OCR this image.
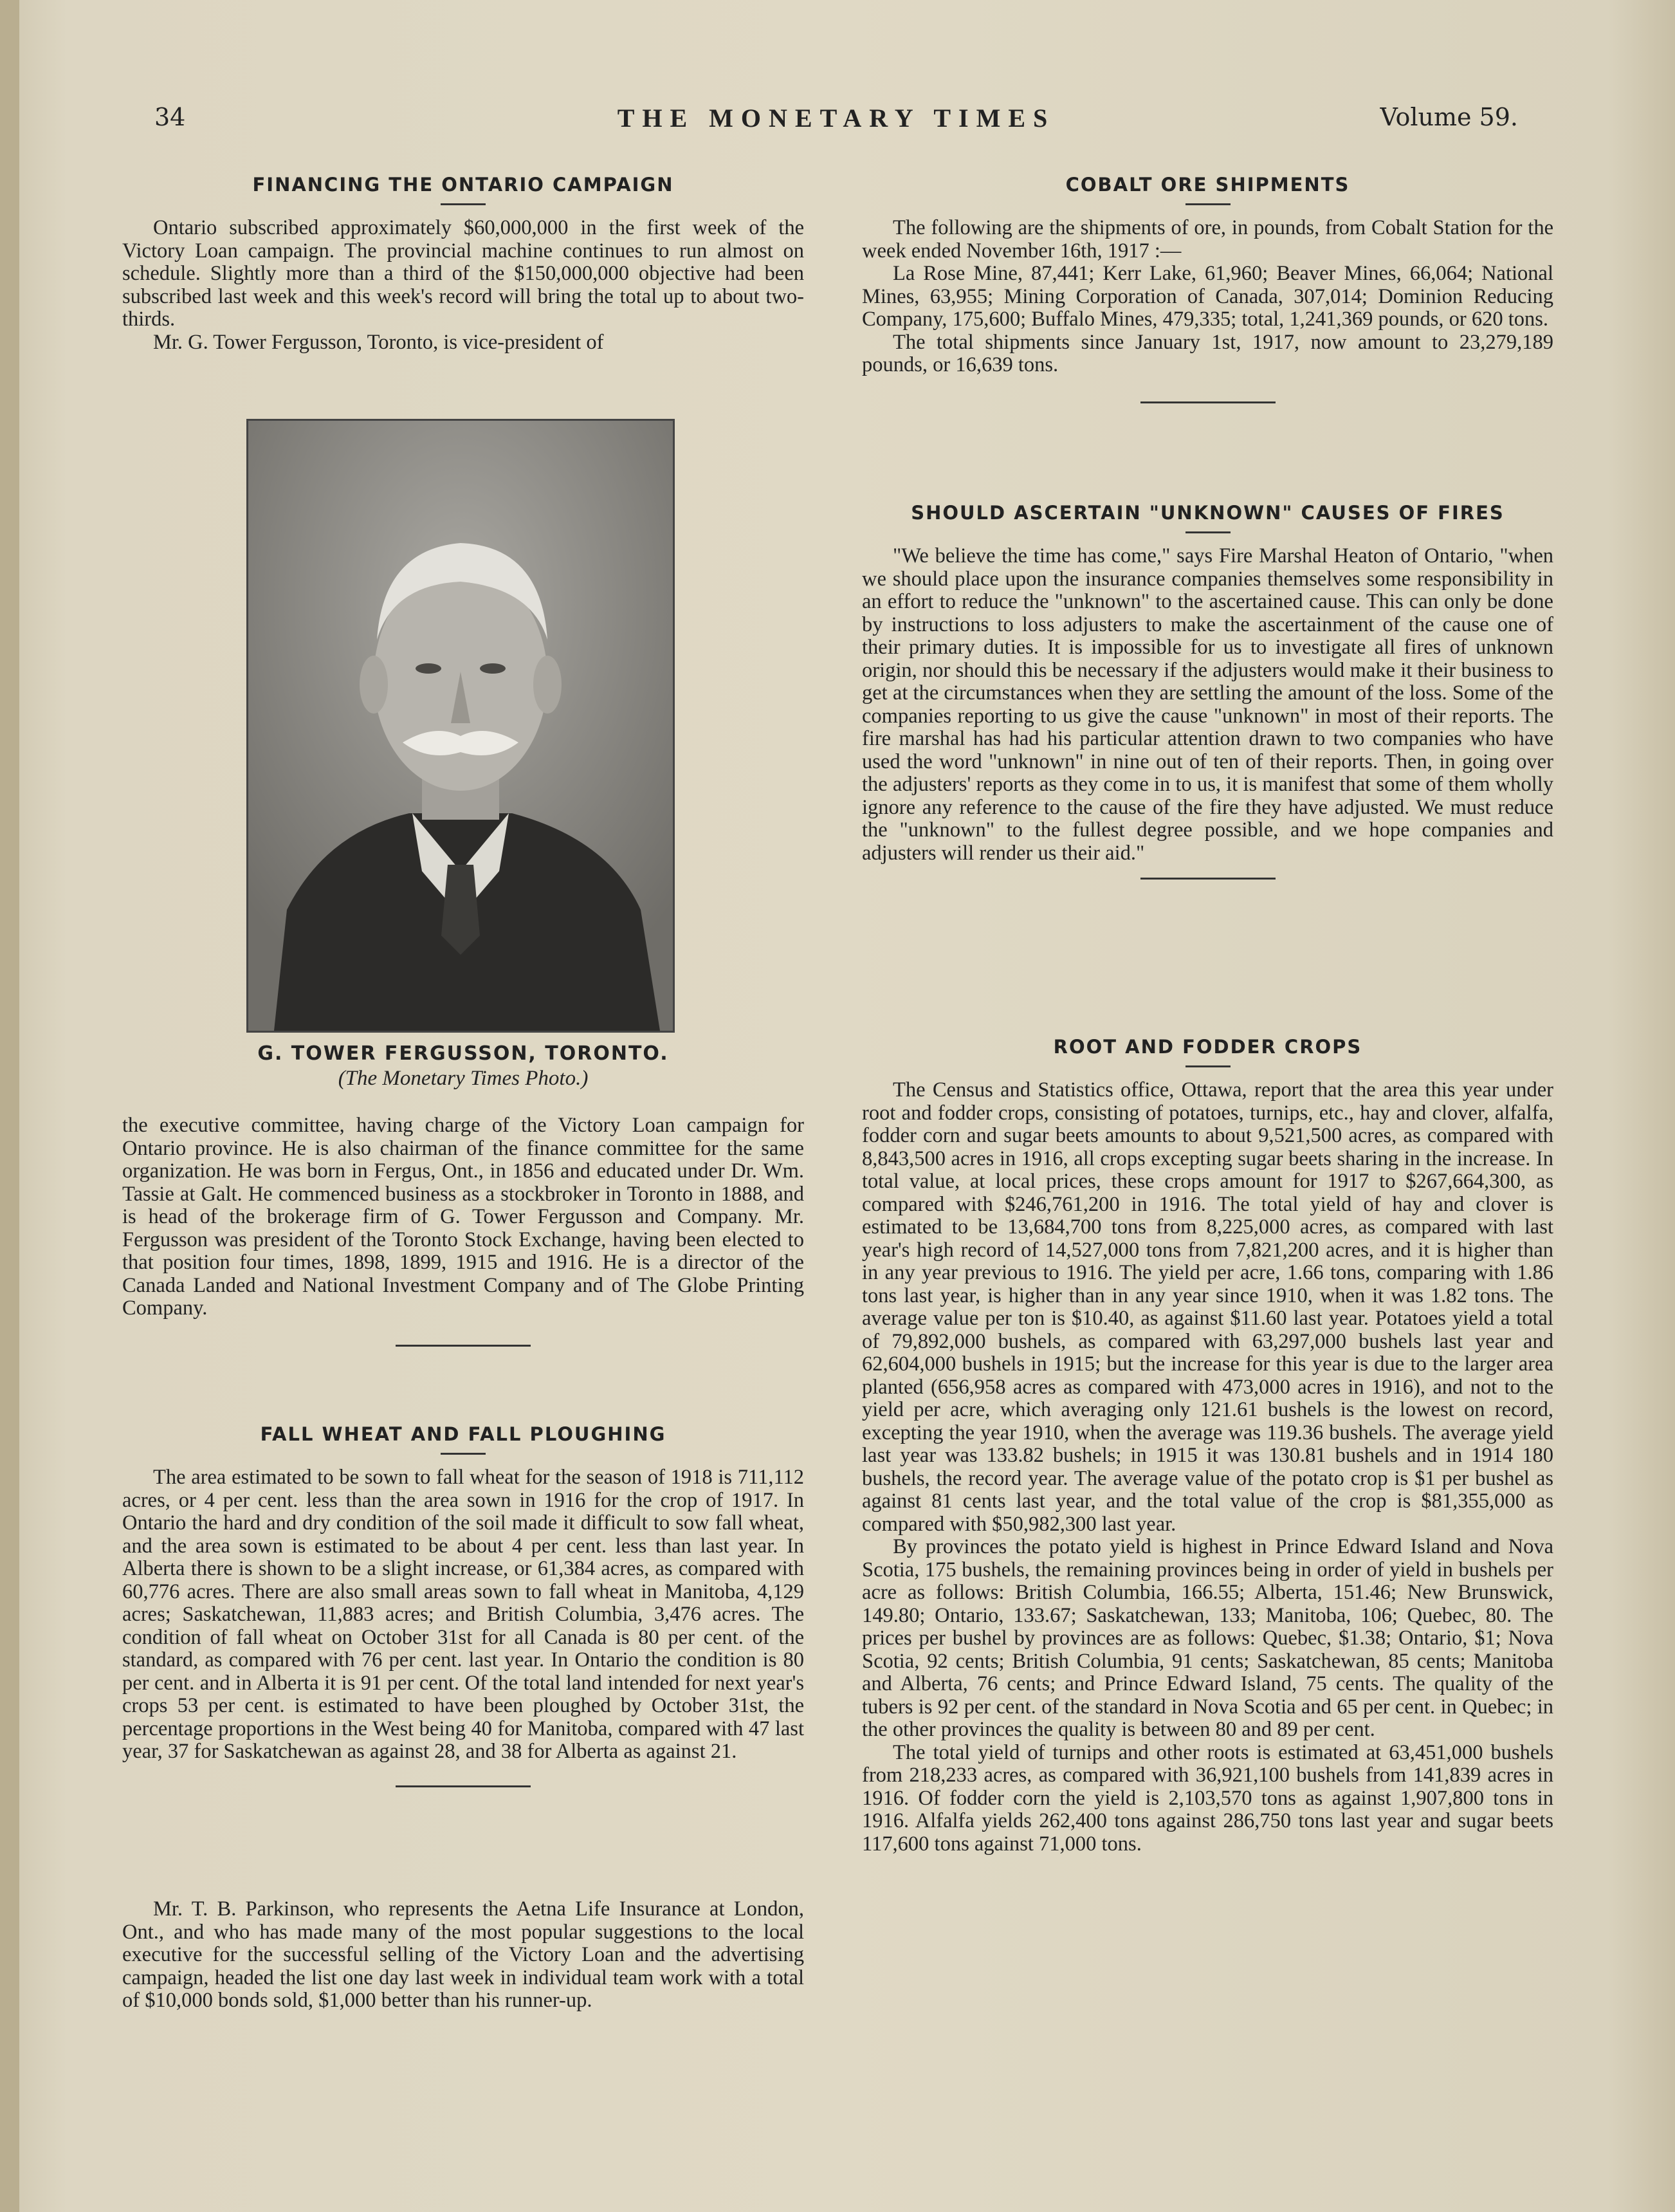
34	THE MONETARY TIMES	Volume 59.
FINANCING THE ONTARIO CAMPAIGN

Ontario subscribed approximately $60,000,000 in the first week of the Victory Loan campaign. The provincial machine continues to run almost on schedule. Slightly more than a third of the $150,000,000 objective had been subscribed last week and this week's record will bring the total up to about two-thirds.

Mr. G. Tower Fergusson, Toronto, is vice-president of

G. TOWER FERGUSSON, TORONTO.
(The Monetary Times Photo.)

the executive committee, having charge of the Victory Loan campaign for Ontario province. He is also chairman of the finance committee for the same organization. He was born in Fergus, Ont., in 1856 and educated under Dr. Wm. Tassie at Galt. He commenced business as a stockbroker in Toronto in 1888, and is head of the brokerage firm of G. Tower Fergusson and Company. Mr. Fergusson was president of the Toronto Stock Exchange, having been elected to that position four times, 1898, 1899, 1915 and 1916. He is a director of the Canada Landed and National Investment Company and of The Globe Printing Company.

FALL WHEAT AND FALL PLOUGHING

The area estimated to be sown to fall wheat for the season of 1918 is 711,112 acres, or 4 per cent. less than the area sown in 1916 for the crop of 1917. In Ontario the hard and dry condition of the soil made it difficult to sow fall wheat, and the area sown is estimated to be about 4 per cent. less than last year. In Alberta there is shown to be a slight increase, or 61,384 acres, as compared with 60,776 acres. There are also small areas sown to fall wheat in Manitoba, 4,129 acres; Saskatchewan, 11,883 acres; and British Columbia, 3,476 acres. The condition of fall wheat on October 31st for all Canada is 80 per cent. of the standard, as compared with 76 per cent. last year. In Ontario the condition is 80 per cent. and in Alberta it is 91 per cent. Of the total land intended for next year's crops 53 per cent. is estimated to have been ploughed by October 31st, the percentage proportions in the West being 40 for Manitoba, compared with 47 last year, 37 for Saskatchewan as against 28, and 38 for Alberta as against 21.

Mr. T. B. Parkinson, who represents the Aetna Life Insurance at London, Ont., and who has made many of the most popular suggestions to the local executive for the successful selling of the Victory Loan and the advertising campaign, headed the list one day last week in individual team work with a total of $10,000 bonds sold, $1,000 better than his runner-up.

COBALT ORE SHIPMENTS

The following are the shipments of ore, in pounds, from Cobalt Station for the week ended November 16th, 1917 :—

La Rose Mine, 87,441; Kerr Lake, 61,960; Beaver Mines, 66,064; National Mines, 63,955; Mining Corporation of Canada, 307,014; Dominion Reducing Company, 175,600; Buffalo Mines, 479,335; total, 1,241,369 pounds, or 620 tons.

The total shipments since January 1st, 1917, now amount to 23,279,189 pounds, or 16,639 tons.

SHOULD ASCERTAIN "UNKNOWN" CAUSES OF FIRES

"We believe the time has come," says Fire Marshal Heaton of Ontario, "when we should place upon the insurance companies themselves some responsibility in an effort to reduce the "unknown" to the ascertained cause. This can only be done by instructions to loss adjusters to make the ascertainment of the cause one of their primary duties. It is impossible for us to investigate all fires of unknown origin, nor should this be necessary if the adjusters would make it their business to get at the circumstances when they are settling the amount of the loss. Some of the companies reporting to us give the cause "unknown" in most of their reports. The fire marshal has had his particular attention drawn to two companies who have used the word "unknown" in nine out of ten of their reports. Then, in going over the adjusters' reports as they come in to us, it is manifest that some of them wholly ignore any reference to the cause of the fire they have adjusted. We must reduce the "unknown" to the fullest degree possible, and we hope companies and adjusters will render us their aid."

ROOT AND FODDER CROPS

The Census and Statistics office, Ottawa, report that the area this year under root and fodder crops, consisting of potatoes, turnips, etc., hay and clover, alfalfa, fodder corn and sugar beets amounts to about 9,521,500 acres, as compared with 8,843,500 acres in 1916, all crops excepting sugar beets sharing in the increase. In total value, at local prices, these crops amount for 1917 to $267,664,300, as compared with $246,761,200 in 1916. The total yield of hay and clover is estimated to be 13,684,700 tons from 8,225,000 acres, as compared with last year's high record of 14,527,000 tons from 7,821,200 acres, and it is higher than in any year previous to 1916. The yield per acre, 1.66 tons, comparing with 1.86 tons last year, is higher than in any year since 1910, when it was 1.82 tons. The average value per ton is $10.40, as against $11.60 last year. Potatoes yield a total of 79,892,000 bushels, as compared with 63,297,000 bushels last year and 62,604,000 bushels in 1915; but the increase for this year is due to the larger area planted (656,958 acres as compared with 473,000 acres in 1916), and not to the yield per acre, which averaging only 121.61 bushels is the lowest on record, excepting the year 1910, when the average was 119.36 bushels. The average yield last year was 133.82 bushels; in 1915 it was 130.81 bushels and in 1914 180 bushels, the record year. The average value of the potato crop is $1 per bushel as against 81 cents last year, and the total value of the crop is $81,355,000 as compared with $50,982,300 last year.

By provinces the potato yield is highest in Prince Edward Island and Nova Scotia, 175 bushels, the remaining provinces being in order of yield in bushels per acre as follows: British Columbia, 166.55; Alberta, 151.46; New Brunswick, 149.80; Ontario, 133.67; Saskatchewan, 133; Manitoba, 106; Quebec, 80. The prices per bushel by provinces are as follows: Quebec, $1.38; Ontario, $1; Nova Scotia, 92 cents; British Columbia, 91 cents; Saskatchewan, 85 cents; Manitoba and Alberta, 76 cents; and Prince Edward Island, 75 cents. The quality of the tubers is 92 per cent. of the standard in Nova Scotia and 65 per cent. in Quebec; in the other provinces the quality is between 80 and 89 per cent.

The total yield of turnips and other roots is estimated at 63,451,000 bushels from 218,233 acres, as compared with 36,921,100 bushels from 141,839 acres in 1916. Of fodder corn the yield is 2,103,570 tons as against 1,907,800 tons in 1916. Alfalfa yields 262,400 tons against 286,750 tons last year and sugar beets 117,600 tons against 71,000 tons.
